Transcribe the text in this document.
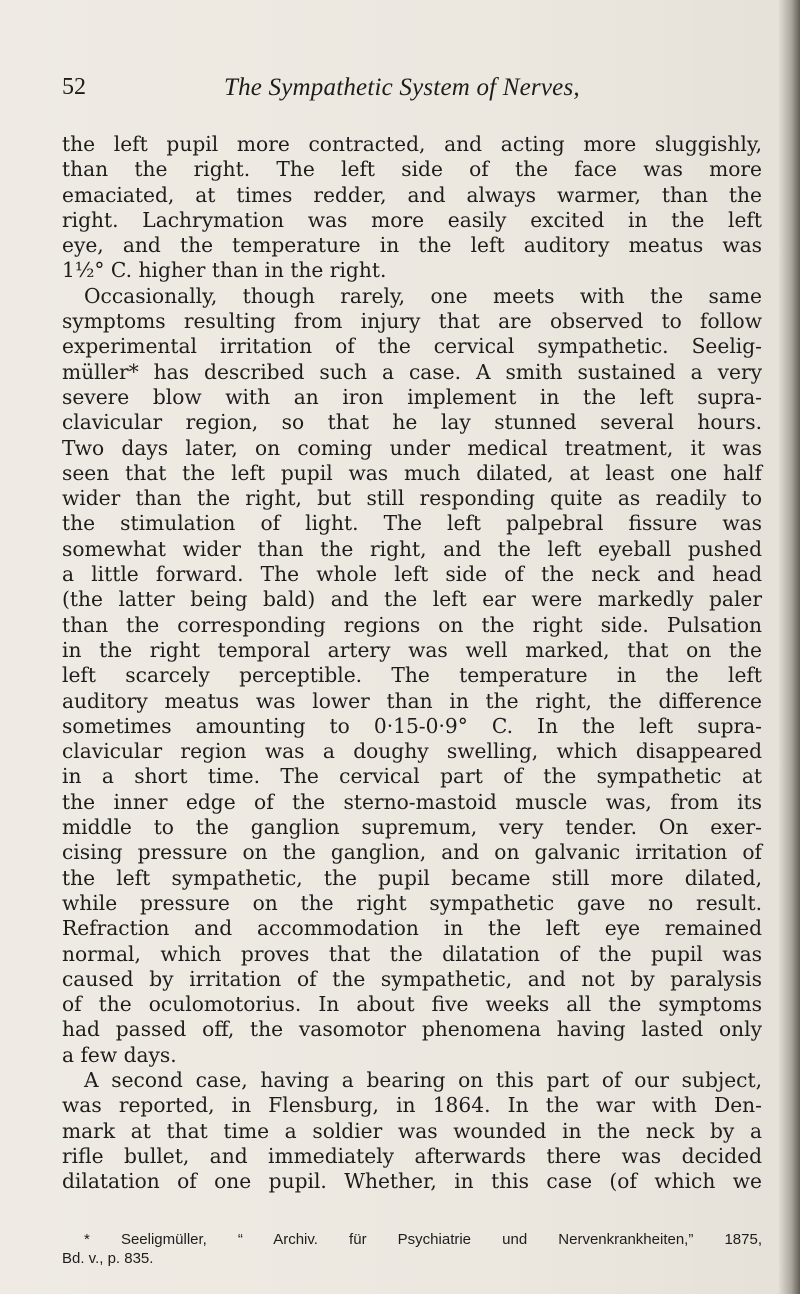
52	The Sympathetic System of Nerves,
the left pupil more contracted, and acting more sluggishly,
than the right. The left side of the face was more
emaciated, at times redder, and always warmer, than the
right. Lachrymation was more easily excited in the left
eye, and the temperature in the left auditory meatus was
1½° C. higher than in the right.
Occasionally, though rarely, one meets with the same
symptoms resulting from injury that are observed to follow
experimental irritation of the cervical sympathetic. Seelig-
müller* has described such a case. A smith sustained a very
severe blow with an iron implement in the left supra-
clavicular region, so that he lay stunned several hours.
Two days later, on coming under medical treatment, it was
seen that the left pupil was much dilated, at least one half
wider than the right, but still responding quite as readily to
the stimulation of light. The left palpebral fissure was
somewhat wider than the right, and the left eyeball pushed
a little forward. The whole left side of the neck and head
(the latter being bald) and the left ear were markedly paler
than the corresponding regions on the right side. Pulsation
in the right temporal artery was well marked, that on the
left scarcely perceptible. The temperature in the left
auditory meatus was lower than in the right, the difference
sometimes amounting to 0·15-0·9° C. In the left supra-
clavicular region was a doughy swelling, which disappeared
in a short time. The cervical part of the sympathetic at
the inner edge of the sterno-mastoid muscle was, from its
middle to the ganglion supremum, very tender. On exer-
cising pressure on the ganglion, and on galvanic irritation of
the left sympathetic, the pupil became still more dilated,
while pressure on the right sympathetic gave no result.
Refraction and accommodation in the left eye remained
normal, which proves that the dilatation of the pupil was
caused by irritation of the sympathetic, and not by paralysis
of the oculomotorius. In about five weeks all the symptoms
had passed off, the vasomotor phenomena having lasted only
a few days.
A second case, having a bearing on this part of our subject,
was reported, in Flensburg, in 1864. In the war with Den-
mark at that time a soldier was wounded in the neck by a
rifle bullet, and immediately afterwards there was decided
dilatation of one pupil. Whether, in this case (of which we
* Seeligmüller, “ Archiv. für Psychiatrie und Nervenkrankheiten,” 1875,
Bd. v., p. 835.
